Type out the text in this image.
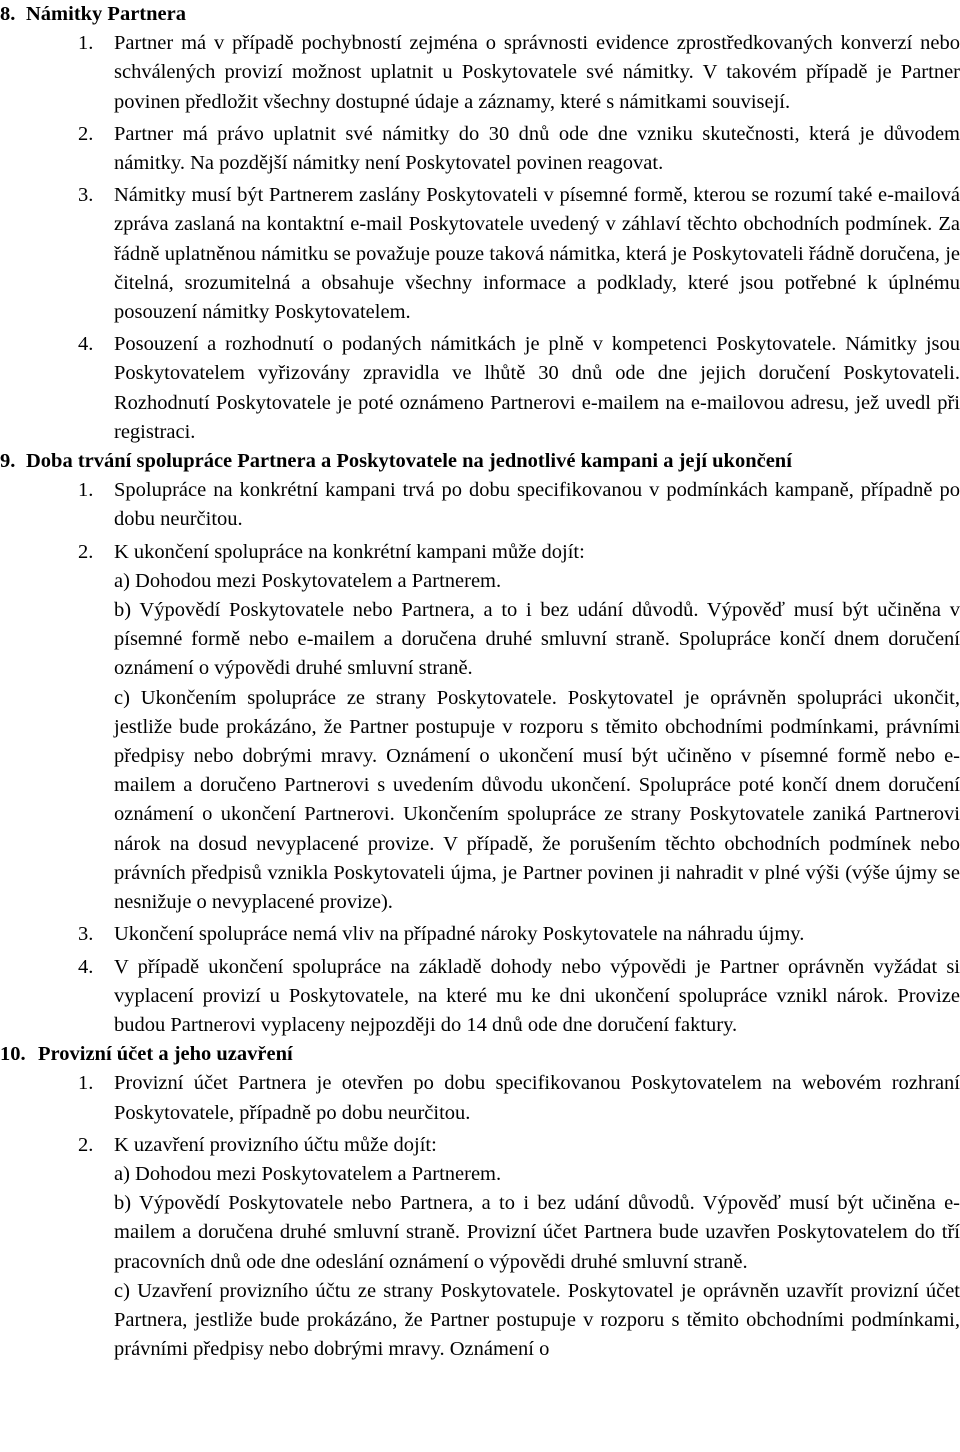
8. Námitky Partnera
1.	Partner má v případě pochybností zejména o správnosti evidence zprostředkovaných konverzí nebo schválených provizí možnost uplatnit u Poskytovatele své námitky. V takovém případě je Partner povinen předložit všechny dostupné údaje a záznamy, které s námitkami souvisejí.

2.	Partner má právo uplatnit své námitky do 30 dnů ode dne vzniku skutečnosti, která je důvodem námitky. Na pozdější námitky není Poskytovatel povinen reagovat.

3.	Námitky musí být Partnerem zaslány Poskytovateli v písemné formě, kterou se rozumí také e-mailová zpráva zaslaná na kontaktní e-mail Poskytovatele uvedený v záhlaví těchto obchodních podmínek. Za řádně uplatněnou námitku se považuje pouze taková námitka, která je Poskytovateli řádně doručena, je čitelná, srozumitelná a obsahuje všechny informace a podklady, které jsou potřebné k úplnému posouzení námitky Poskytovatelem.

4.	Posouzení a rozhodnutí o podaných námitkách je plně v kompetenci Poskytovatele. Námitky jsou Poskytovatelem vyřizovány zpravidla ve lhůtě 30 dnů ode dne jejich doručení Poskytovateli. Rozhodnutí Poskytovatele je poté oznámeno Partnerovi e-mailem na e-mailovou adresu, jež uvedl při registraci.

9. Doba trvání spolupráce Partnera a Poskytovatele na jednotlivé kampani a její ukončení
1.	Spolupráce na konkrétní kampani trvá po dobu specifikovanou v podmínkách kampaně, případně po dobu neurčitou.

2.	K ukončení spolupráce na konkrétní kampani může dojít:

a) Dohodou mezi Poskytovatelem a Partnerem.

b) Výpovědí Poskytovatele nebo Partnera, a to i bez udání důvodů. Výpověď musí být učiněna v písemné formě nebo e-mailem a doručena druhé smluvní straně. Spolupráce končí dnem doručení oznámení o výpovědi druhé smluvní straně.

c) Ukončením spolupráce ze strany Poskytovatele. Poskytovatel je oprávněn spolupráci ukončit, jestliže bude prokázáno, že Partner postupuje v rozporu s těmito obchodními podmínkami, právními předpisy nebo dobrými mravy. Oznámení o ukončení musí být učiněno v písemné formě nebo e-mailem a doručeno Partnerovi s uvedením důvodu ukončení. Spolupráce poté končí dnem doručení oznámení o ukončení Partnerovi. Ukončením spolupráce ze strany Poskytovatele zaniká Partnerovi nárok na dosud nevyplacené provize. V případě, že porušením těchto obchodních podmínek nebo právních předpisů vznikla Poskytovateli újma, je Partner povinen ji nahradit v plné výši (výše újmy se nesnižuje o nevyplacené provize).

3.	Ukončení spolupráce nemá vliv na případné nároky Poskytovatele na náhradu újmy.

4.	V případě ukončení spolupráce na základě dohody nebo výpovědi je Partner oprávněn vyžádat si vyplacení provizí u Poskytovatele, na které mu ke dni ukončení spolupráce vznikl nárok. Provize budou Partnerovi vyplaceny nejpozději do 14 dnů ode dne doručení faktury.

10. Provizní účet a jeho uzavření
1.	Provizní účet Partnera je otevřen po dobu specifikovanou Poskytovatelem na webovém rozhraní Poskytovatele, případně po dobu neurčitou.

2.	K uzavření provizního účtu může dojít:

a) Dohodou mezi Poskytovatelem a Partnerem.

b) Výpovědí Poskytovatele nebo Partnera, a to i bez udání důvodů. Výpověď musí být učiněna e-mailem a doručena druhé smluvní straně. Provizní účet Partnera bude uzavřen Poskytovatelem do tří pracovních dnů ode dne odeslání oznámení o výpovědi druhé smluvní straně.

c) Uzavření provizního účtu ze strany Poskytovatele. Poskytovatel je oprávněn uzavřít provizní účet Partnera, jestliže bude prokázáno, že Partner postupuje v rozporu s těmito obchodními podmínkami, právními předpisy nebo dobrými mravy. Oznámení o
